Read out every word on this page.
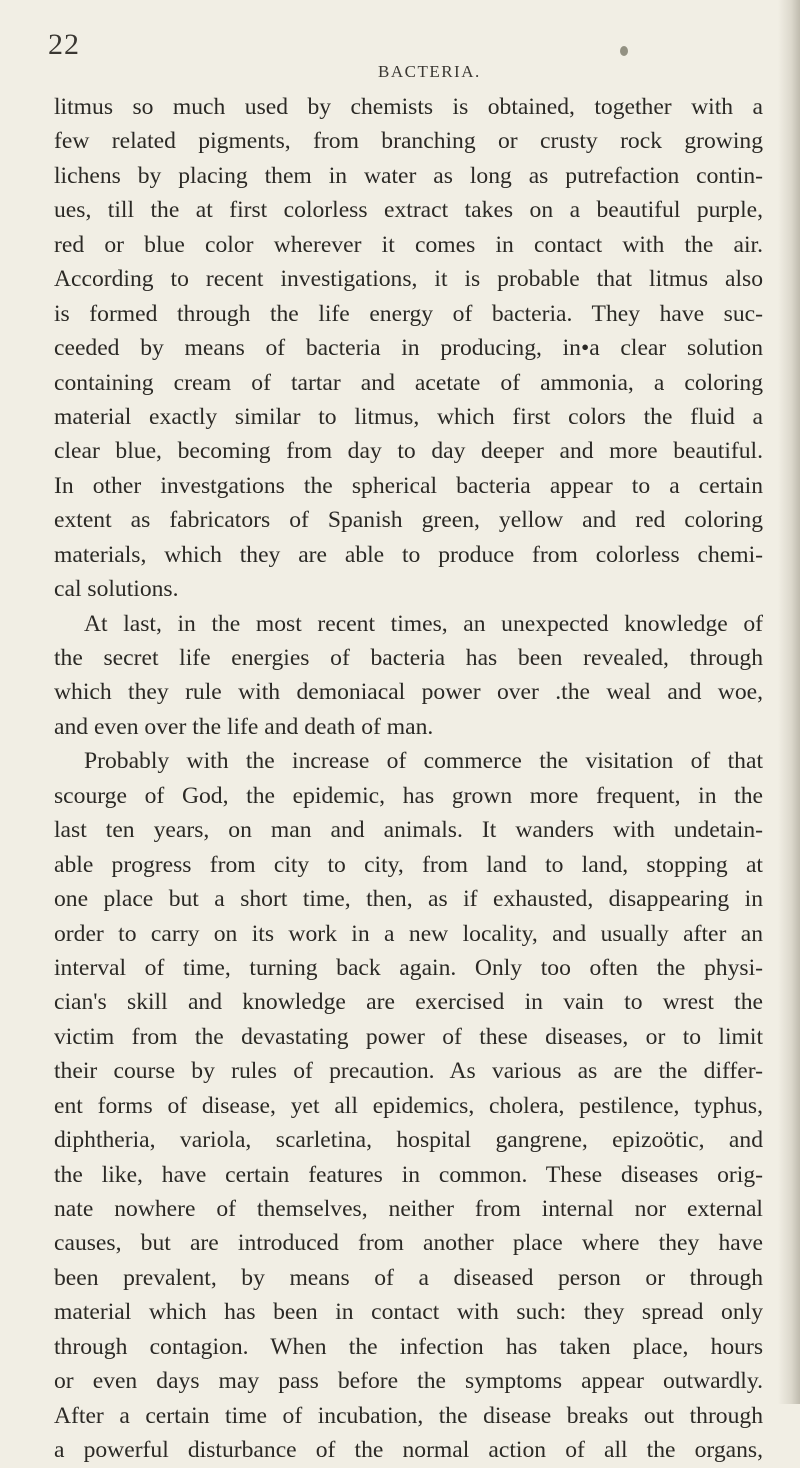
22
BACTERIA.
litmus so much used by chemists is obtained, together with a
few related pigments, from branching or crusty rock growing
lichens by placing them in water as long as putrefaction contin-
ues, till the at first colorless extract takes on a beautiful purple,
red or blue color wherever it comes in contact with the air.
According to recent investigations, it is probable that litmus also
is formed through the life energy of bacteria. They have suc-
ceeded by means of bacteria in producing, in•a clear solution
containing cream of tartar and acetate of ammonia, a coloring
material exactly similar to litmus, which first colors the fluid a
clear blue, becoming from day to day deeper and more beautiful.
In other investgations the spherical bacteria appear to a certain
extent as fabricators of Spanish green, yellow and red coloring
materials, which they are able to produce from colorless chemi-
cal solutions.
At last, in the most recent times, an unexpected knowledge of
the secret life energies of bacteria has been revealed, through
which they rule with demoniacal power over .the weal and woe,
and even over the life and death of man.
Probably with the increase of commerce the visitation of that
scourge of God, the epidemic, has grown more frequent, in the
last ten years, on man and animals. It wanders with undetain-
able progress from city to city, from land to land, stopping at
one place but a short time, then, as if exhausted, disappearing in
order to carry on its work in a new locality, and usually after an
interval of time, turning back again. Only too often the physi-
cian's skill and knowledge are exercised in vain to wrest the
victim from the devastating power of these diseases, or to limit
their course by rules of precaution. As various as are the differ-
ent forms of disease, yet all epidemics, cholera, pestilence, typhus,
diphtheria, variola, scarletina, hospital gangrene, epizoötic, and
the like, have certain features in common. These diseases orig-
nate nowhere of themselves, neither from internal nor external
causes, but are introduced from another place where they have
been prevalent, by means of a diseased person or through
material which has been in contact with such: they spread only
through contagion. When the infection has taken place, hours
or even days may pass before the symptoms appear outwardly.
After a certain time of incubation, the disease breaks out through
a powerful disturbance of the normal action of all the organs,
